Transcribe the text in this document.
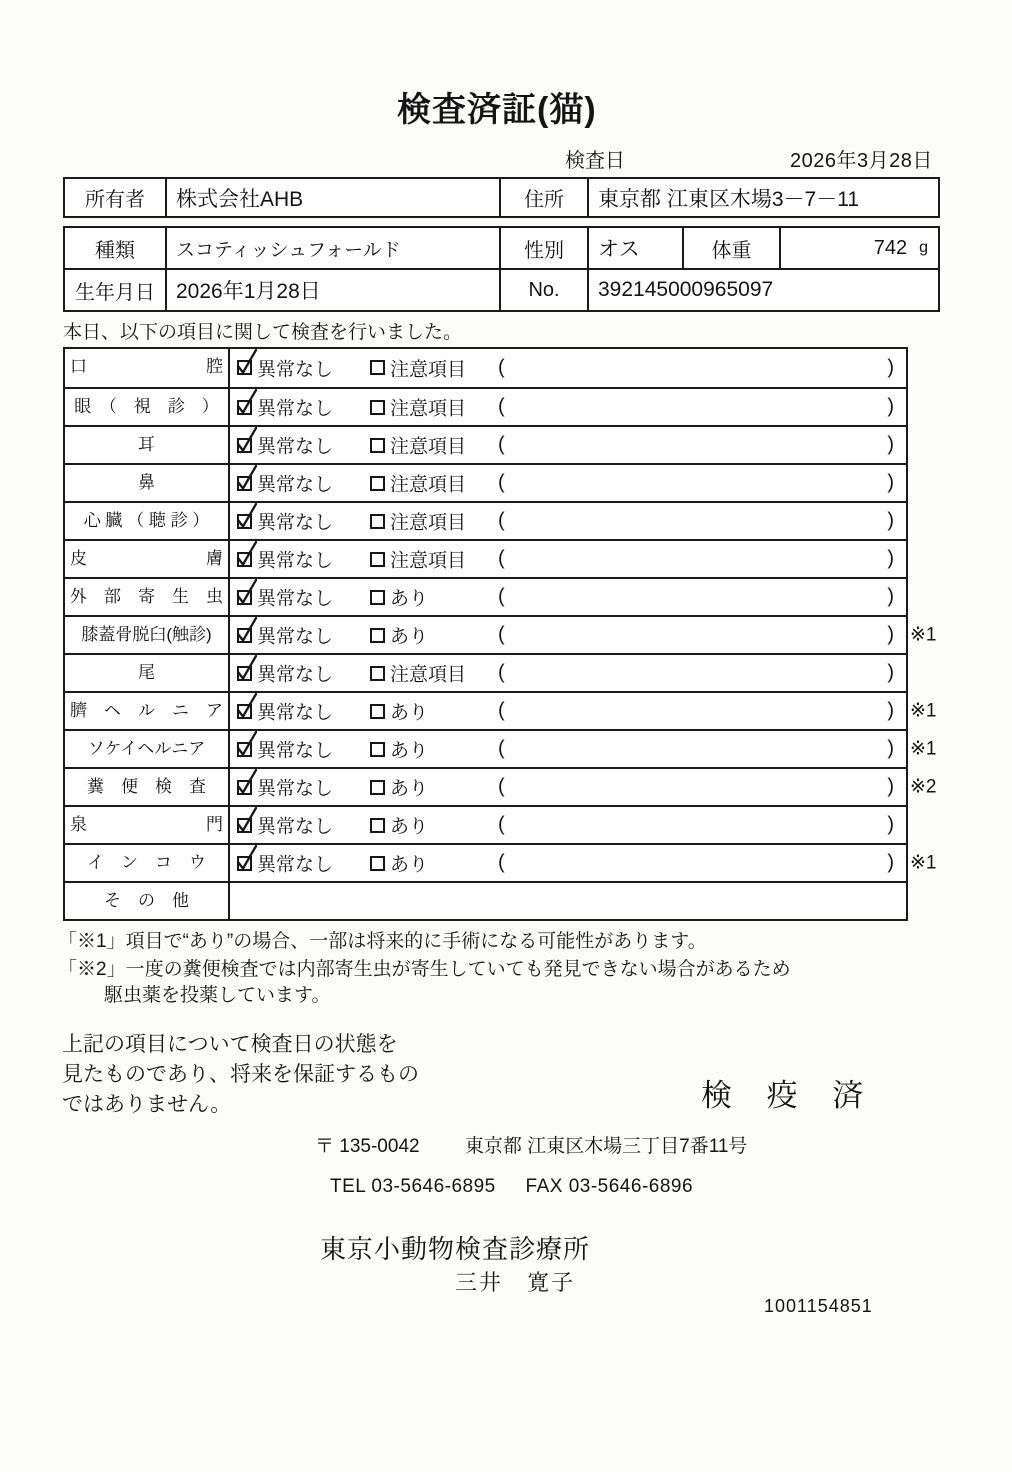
検査済証(猫)
検査日	2026年3月28日
所有者	株式会社AHB	住所	東京都 江東区木場3－7－11
種類	スコティッシュフォールド	性別	オス	体重	742 g
生年月日	2026年1月28日	No.	392145000965097
本日、以下の項目に関して検査を行いました。
口　　　　　　　腔	異常なし	注意項目 (	)
眼　（　視　診　）	異常なし	注意項目 (	)
耳	異常なし	注意項目 (	)
鼻	異常なし	注意項目 (	)
心 臓 （ 聴 診 ）	異常なし	注意項目 (	)
皮　　　　　　　膚	異常なし	注意項目 (	)
外　部　寄　生　虫	異常なし	あり	(	)
膝蓋骨脱臼(触診)	異常なし	あり	(	) ※1
尾	異常なし	注意項目 (	)
臍　ヘ　ル　ニ　ア	異常なし	あり	(	) ※1
ソケイヘルニア	異常なし	あり	(	) ※1
糞　便　検　査	異常なし	あり	(	) ※2
泉　　　　　　　門	異常なし	あり	(	)
イ　ン　コ　ウ	異常なし	あり	(	) ※1
そ　の　他
「※1」項目で“あり”の場合、一部は将来的に手術になる可能性があります。
「※2」一度の糞便検査では内部寄生虫が寄生していても発見できない場合があるため
駆虫薬を投薬しています。
上記の項目について検査日の状態を
見たものであり、将来を保証するもの
ではありません。	検 疫 済
〒 135-0042 東京都 江東区木場三丁目7番11号
TEL 03-5646-6895 FAX 03-5646-6896
東京小動物検査診療所
三井　寛子
1001154851
